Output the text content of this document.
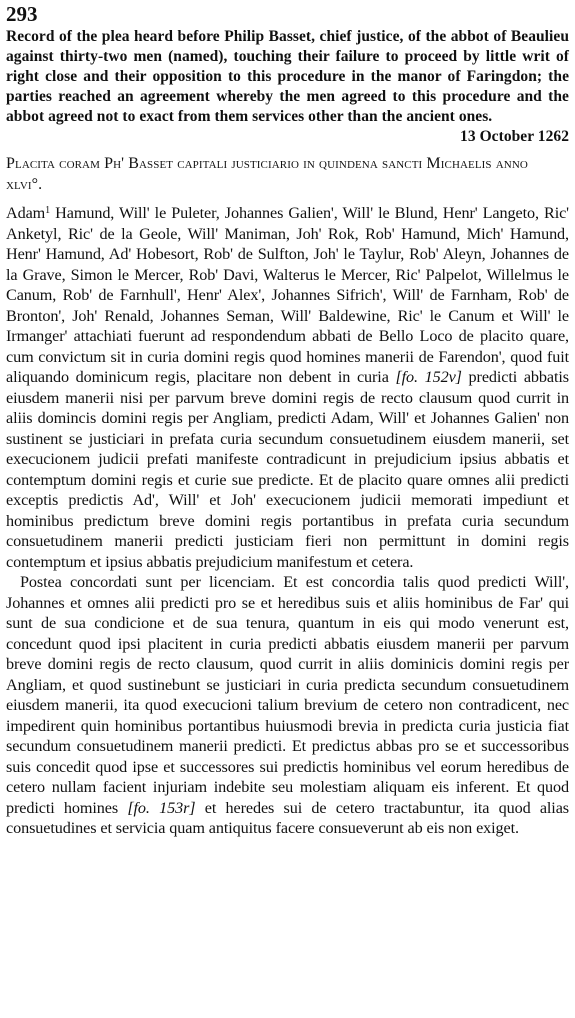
293
Record of the plea heard before Philip Basset, chief justice, of the abbot of Beaulieu against thirty-two men (named), touching their failure to proceed by little writ of right close and their opposition to this procedure in the manor of Faringdon; the parties reached an agreement whereby the men agreed to this procedure and the abbot agreed not to exact from them services other than the ancient ones.
13 October 1262
Placita coram Ph' Basset capitali justiciario in quindena sancti Michaelis anno xlvi°.

Adam$^1$ Hamund, Will' le Puleter, Johannes Galien', Will' le Blund, Henr' Langeto, Ric' Anketyl, Ric' de la Geole, Will' Maniman, Joh' Rok, Rob' Hamund, Mich' Hamund, Henr' Hamund, Ad' Hobesort, Rob' de Sulfton, Joh' le Taylur, Rob' Aleyn, Johannes de la Grave, Simon le Mercer, Rob' Davi, Walterus le Mercer, Ric' Palpelot, Willelmus le Canum, Rob' de Farnhull', Henr' Alex', Johannes Sifrich', Will' de Farnham, Rob' de Bronton', Joh' Renald, Johannes Seman, Will' Baldewine, Ric' le Canum et Will' le Irmanger' attachiati fuerunt ad respondendum abbati de Bello Loco de placito quare, cum convictum sit in curia domini regis quod homines manerii de Farendon', quod fuit aliquando dominicum regis, placitare non debent in curia [fo. 152v] predicti abbatis eiusdem manerii nisi per parvum breve domini regis de recto clausum quod currit in aliis domincis domini regis per Angliam, predicti Adam, Will' et Johannes Galien' non sustinent se justiciari in prefata curia secundum consuetudinem eiusdem manerii, set execucionem judicii prefati manifeste contradicunt in prejudicium ipsius abbatis et contemptum domini regis et curie sue predicte. Et de placito quare omnes alii predicti exceptis predictis Ad', Will' et Joh' execucionem judicii memorati impediunt et hominibus predictum breve domini regis portantibus in prefata curia secundum consuetudinem manerii predicti justiciam fieri non permittunt in domini regis contemptum et ipsius abbatis prejudicium manifestum et cetera.

Postea concordati sunt per licenciam. Et est concordia talis quod predicti Will', Johannes et omnes alii predicti pro se et heredibus suis et aliis hominibus de Far' qui sunt de sua condicione et de sua tenura, quantum in eis qui modo venerunt est, concedunt quod ipsi placitent in curia predicti abbatis eiusdem manerii per parvum breve domini regis de recto clausum, quod currit in aliis dominicis domini regis per Angliam, et quod sustinebunt se justiciari in curia predicta secundum consuetudinem eiusdem manerii, ita quod execucioni talium brevium de cetero non contradicent, nec impedirent quin hominibus portantibus huiusmodi brevia in predicta curia justicia fiat secundum consuetudinem manerii predicti. Et predictus abbas pro se et successoribus suis concedit quod ipse et successores sui predictis hominibus vel eorum heredibus de cetero nullam facient injuriam indebite seu molestiam aliquam eis inferent. Et quod predicti homines [fo. 153r] et heredes sui de cetero tractabuntur, ita quod alias consuetudines et servicia quam antiquitus facere consueverunt ab eis non exiget.
